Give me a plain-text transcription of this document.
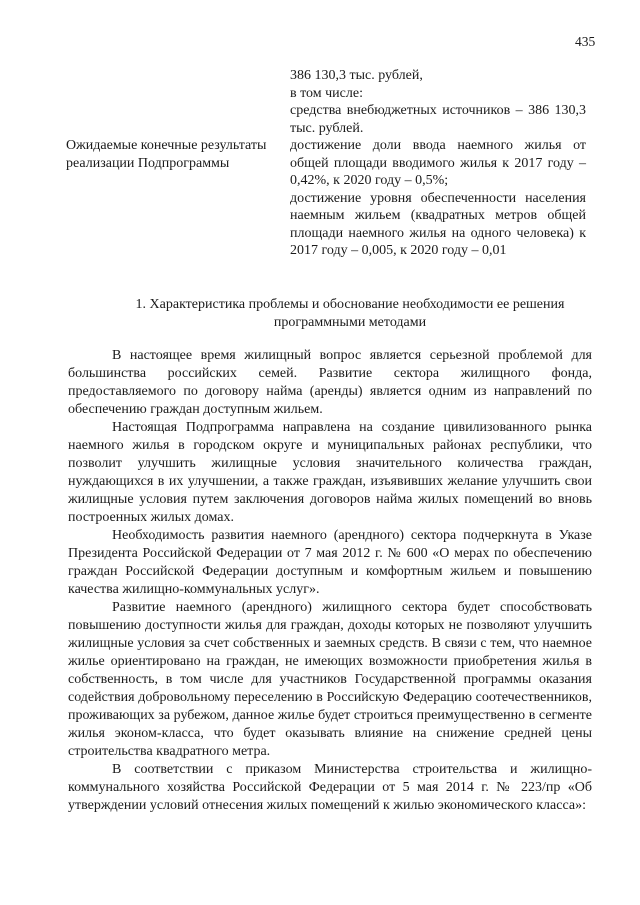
435

386 130,3 тыс. рублей,

в том числе:

средства внебюджетных источников – 386 130,3 тыс. рублей.

Ожидаемые конечные результаты реализации Подпрограммы

достижение доли ввода наемного жилья от общей площади вводимого жилья к 2017 году – 0,42%, к 2020 году – 0,5%;

достижение уровня обеспеченности населения наемным жильем (квадратных метров общей площади наемного жилья на одного человека) к 2017 году – 0,005, к 2020 году – 0,01

1. Характеристика проблемы и обоснование необходимости ее решения программными методами

В настоящее время жилищный вопрос является серьезной проблемой для большинства российских семей. Развитие сектора жилищного фонда, предоставляемого по договору найма (аренды) является одним из направлений по обеспечению граждан доступным жильем.

Настоящая Подпрограмма направлена на создание цивилизованного рынка наемного жилья в городском округе и муниципальных районах республики, что позволит улучшить жилищные условия значительного количества граждан, нуждающихся в их улучшении, а также граждан, изъявивших желание улучшить свои жилищные условия путем заключения договоров найма жилых помещений во вновь построенных жилых домах.

Необходимость развития наемного (арендного) сектора подчеркнута в Указе Президента Российской Федерации от 7 мая 2012 г. № 600 «О мерах по обеспечению граждан Российской Федерации доступным и комфортным жильем и повышению качества жилищно-коммунальных услуг».

Развитие наемного (арендного) жилищного сектора будет способствовать повышению доступности жилья для граждан, доходы которых не позволяют улучшить жилищные условия за счет собственных и заемных средств. В связи с тем, что наемное жилье ориентировано на граждан, не имеющих возможности приобретения жилья в собственность, в том числе для участников Государственной программы оказания содействия добровольному переселению в Российскую Федерацию соотечественников, проживающих за рубежом, данное жилье будет строиться преимущественно в сегменте жилья эконом-класса, что будет оказывать влияние на снижение средней цены строительства квадратного метра.

В соответствии с приказом Министерства строительства и жилищно-коммунального хозяйства Российской Федерации от 5 мая 2014 г. № 223/пр «Об утверждении условий отнесения жилых помещений к жилью экономического класса»:
